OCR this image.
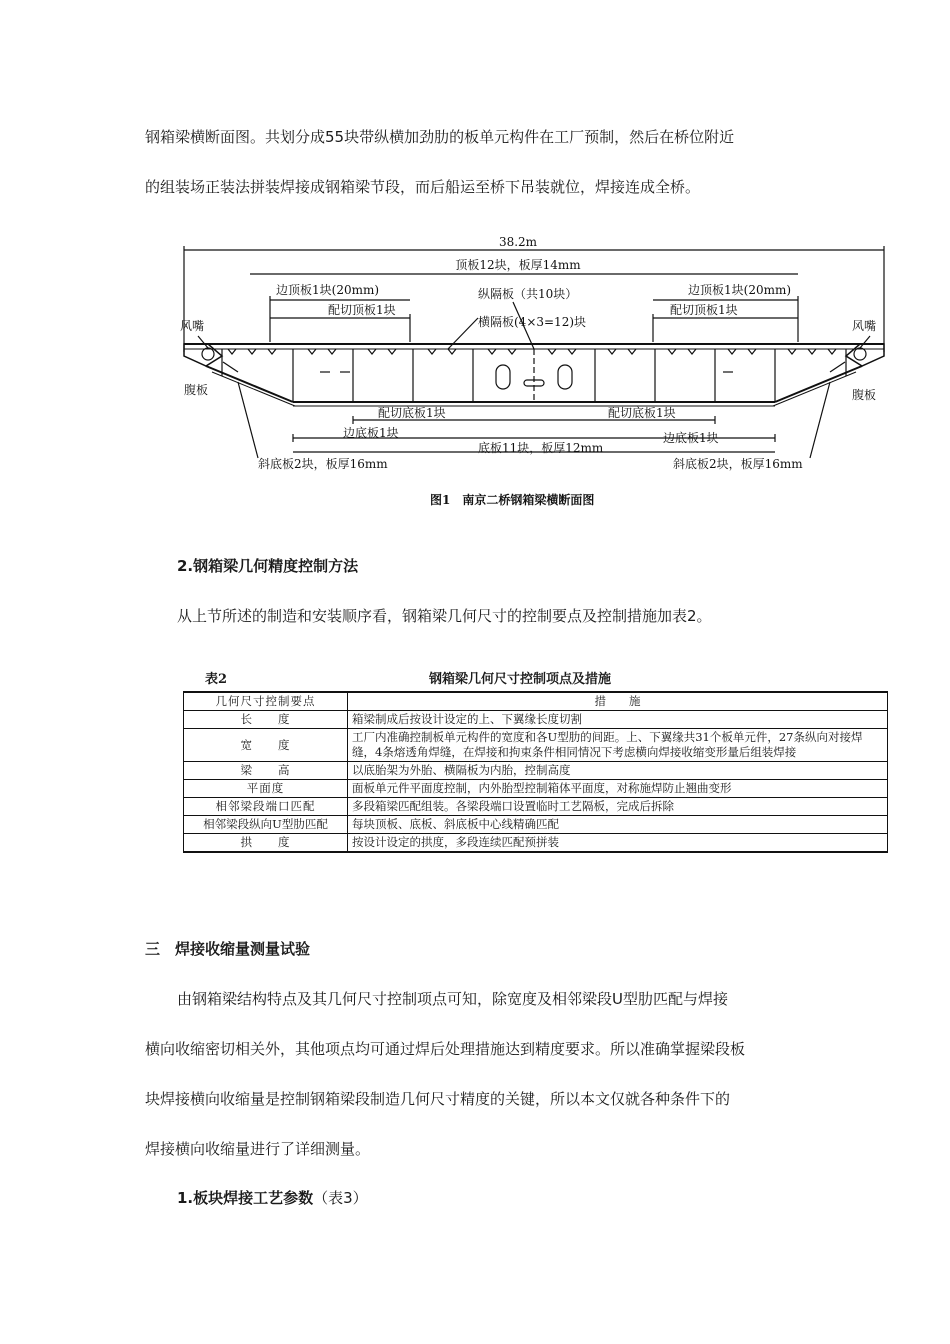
钢箱梁横断面图。共划分成55块带纵横加劲肋的板单元构件在工厂预制，然后在桥位附近
的组装场正装法拼装焊接成钢箱梁节段，而后船运至桥下吊装就位，焊接连成全桥。
38.2m
顶板12块，板厚14mm
边顶板1块(20mm)	边顶板1块(20mm)
配切顶板1块	配切顶板1块
纵隔板（共10块）
横隔板(4×3=12)块
风嘴	风嘴
腹板	腹板
配切底板1块	配切底板1块
边底板1块	边底板1块
底板11块，板厚12mm
斜底板2块，板厚16mm	斜底板2块，板厚16mm
图1　南京二桥钢箱梁横断面图
2.钢箱梁几何精度控制方法
从上节所述的制造和安装顺序看，钢箱梁几何尺寸的控制要点及控制措施加表2。
表2	钢箱梁几何尺寸控制项点及措施
几何尺寸控制要点	措　　施
长　　度	箱梁制成后按设计设定的上、下翼缘长度切割
宽　　度	工厂内准确控制板单元构件的宽度和各U型肋的间距。上、下翼缘共31个板单元件，27条纵向对接焊缝，4条熔透角焊缝，在焊接和拘束条件相同情况下考虑横向焊接收缩变形量后组装焊接
梁　　高	以底胎架为外胎、横隔板为内胎，控制高度
平面度	面板单元件平面度控制，内外胎型控制箱体平面度，对称施焊防止翘曲变形
相邻梁段端口匹配	多段箱梁匹配组装。各梁段端口设置临时工艺隔板，完成后拆除
相邻梁段纵向U型肋匹配	每块顶板、底板、斜底板中心线精确匹配
拱　　度	按设计设定的拱度，多段连续匹配预拼装
三　焊接收缩量测量试验
由钢箱梁结构特点及其几何尺寸控制项点可知，除宽度及相邻梁段U型肋匹配与焊接
横向收缩密切相关外，其他项点均可通过焊后处理措施达到精度要求。所以准确掌握梁段板
块焊接横向收缩量是控制钢箱梁段制造几何尺寸精度的关键，所以本文仅就各种条件下的
焊接横向收缩量进行了详细测量。
1.板块焊接工艺参数（表3）
